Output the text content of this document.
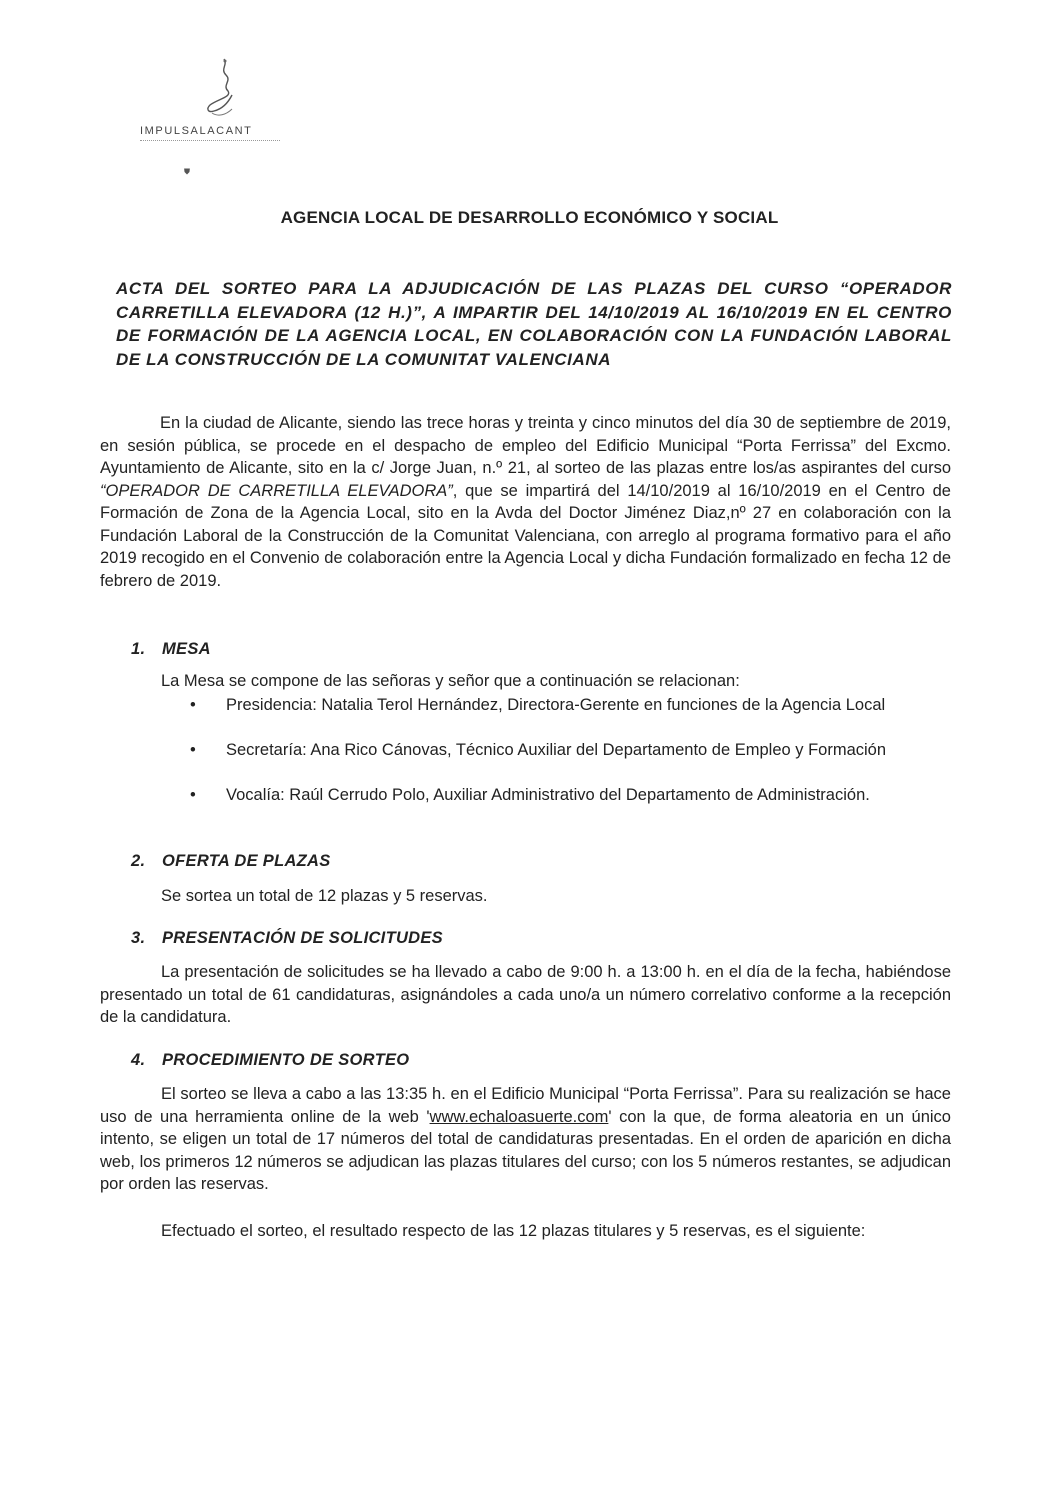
IMPULSALACANT
⛊
AGENCIA LOCAL DE DESARROLLO ECONÓMICO Y SOCIAL
ACTA DEL SORTEO PARA LA ADJUDICACIÓN DE LAS PLAZAS DEL CURSO “OPERADOR CARRETILLA ELEVADORA (12 H.)”, A IMPARTIR DEL 14/10/2019 AL 16/10/2019 EN EL CENTRO DE FORMACIÓN DE LA AGENCIA LOCAL, EN COLABORACIÓN CON LA FUNDACIÓN LABORAL DE LA CONSTRUCCIÓN DE LA COMUNITAT VALENCIANA
En la ciudad de Alicante, siendo las trece horas y treinta y cinco minutos del día 30 de septiembre de 2019, en sesión pública, se procede en el despacho de empleo del Edificio Municipal “Porta Ferrissa” del Excmo. Ayuntamiento de Alicante, sito en la c/ Jorge Juan, n.º 21, al sorteo de las plazas entre los/as aspirantes del curso “OPERADOR DE CARRETILLA ELEVADORA”, que se impartirá del 14/10/2019 al 16/10/2019 en el Centro de Formación de Zona de la Agencia Local, sito en la Avda del Doctor Jiménez Diaz,nº 27 en colaboración con la Fundación Laboral de la Construcción de la Comunitat Valenciana, con arreglo al programa formativo para el año 2019 recogido en el Convenio de colaboración entre la Agencia Local y dicha Fundación formalizado en fecha 12 de febrero de 2019.
1. MESA
La Mesa se compone de las señoras y señor que a continuación se relacionan:
• Presidencia: Natalia Terol Hernández, Directora-Gerente en funciones de la Agencia Local
• Secretaría: Ana Rico Cánovas, Técnico Auxiliar del Departamento de Empleo y Formación
• Vocalía: Raúl Cerrudo Polo, Auxiliar Administrativo del Departamento de Administración.
2. OFERTA DE PLAZAS
Se sortea un total de 12 plazas y 5 reservas.
3. PRESENTACIÓN DE SOLICITUDES
La presentación de solicitudes se ha llevado a cabo de 9:00 h. a 13:00 h. en el día de la fecha, habiéndose presentado un total de 61 candidaturas, asignándoles a cada uno/a un número correlativo conforme a la recepción de la candidatura.
4. PROCEDIMIENTO DE SORTEO
El sorteo se lleva a cabo a las 13:35 h. en el Edificio Municipal “Porta Ferrissa”. Para su realización se hace uso de una herramienta online de la web 'www.echaloasuerte.com' con la que, de forma aleatoria en un único intento, se eligen un total de 17 números del total de candidaturas presentadas. En el orden de aparición en dicha web, los primeros 12 números se adjudican las plazas titulares del curso; con los 5 números restantes, se adjudican por orden las reservas.
Efectuado el sorteo, el resultado respecto de las 12 plazas titulares y 5 reservas, es el siguiente:
